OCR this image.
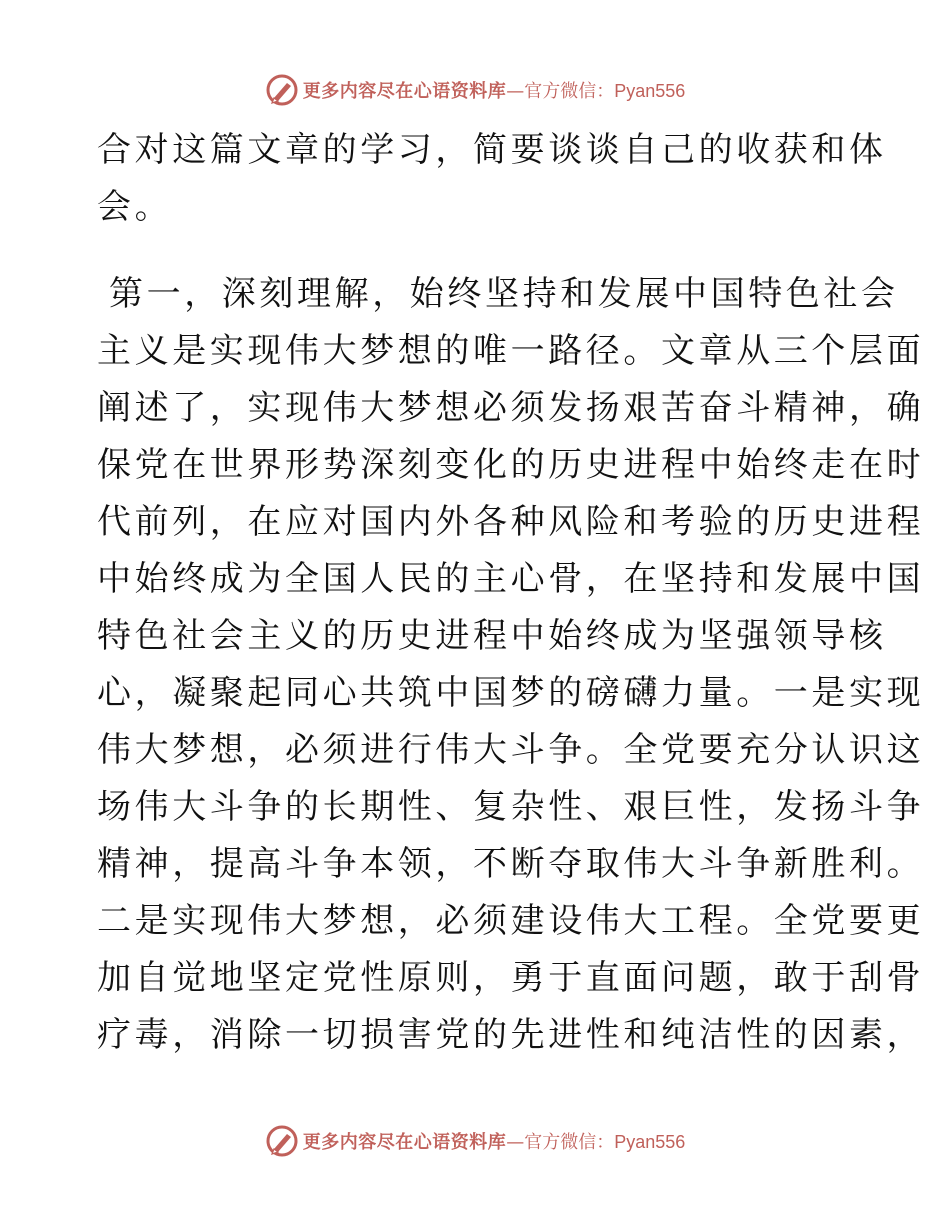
更多内容尽在心语资料库—官方微信：Pyan556
合对这篇文章的学习，简要谈谈自己的收获和体
会。
第一，深刻理解，始终坚持和发展中国特色社会
主义是实现伟大梦想的唯一路径。文章从三个层面
阐述了，实现伟大梦想必须发扬艰苦奋斗精神，确
保党在世界形势深刻变化的历史进程中始终走在时
代前列，在应对国内外各种风险和考验的历史进程
中始终成为全国人民的主心骨，在坚持和发展中国
特色社会主义的历史进程中始终成为坚强领导核
心，凝聚起同心共筑中国梦的磅礴力量。一是实现
伟大梦想，必须进行伟大斗争。全党要充分认识这
场伟大斗争的长期性、复杂性、艰巨性，发扬斗争
精神，提高斗争本领，不断夺取伟大斗争新胜利。
二是实现伟大梦想，必须建设伟大工程。全党要更
加自觉地坚定党性原则，勇于直面问题，敢于刮骨
疗毒，消除一切损害党的先进性和纯洁性的因素，
更多内容尽在心语资料库—官方微信：Pyan556
